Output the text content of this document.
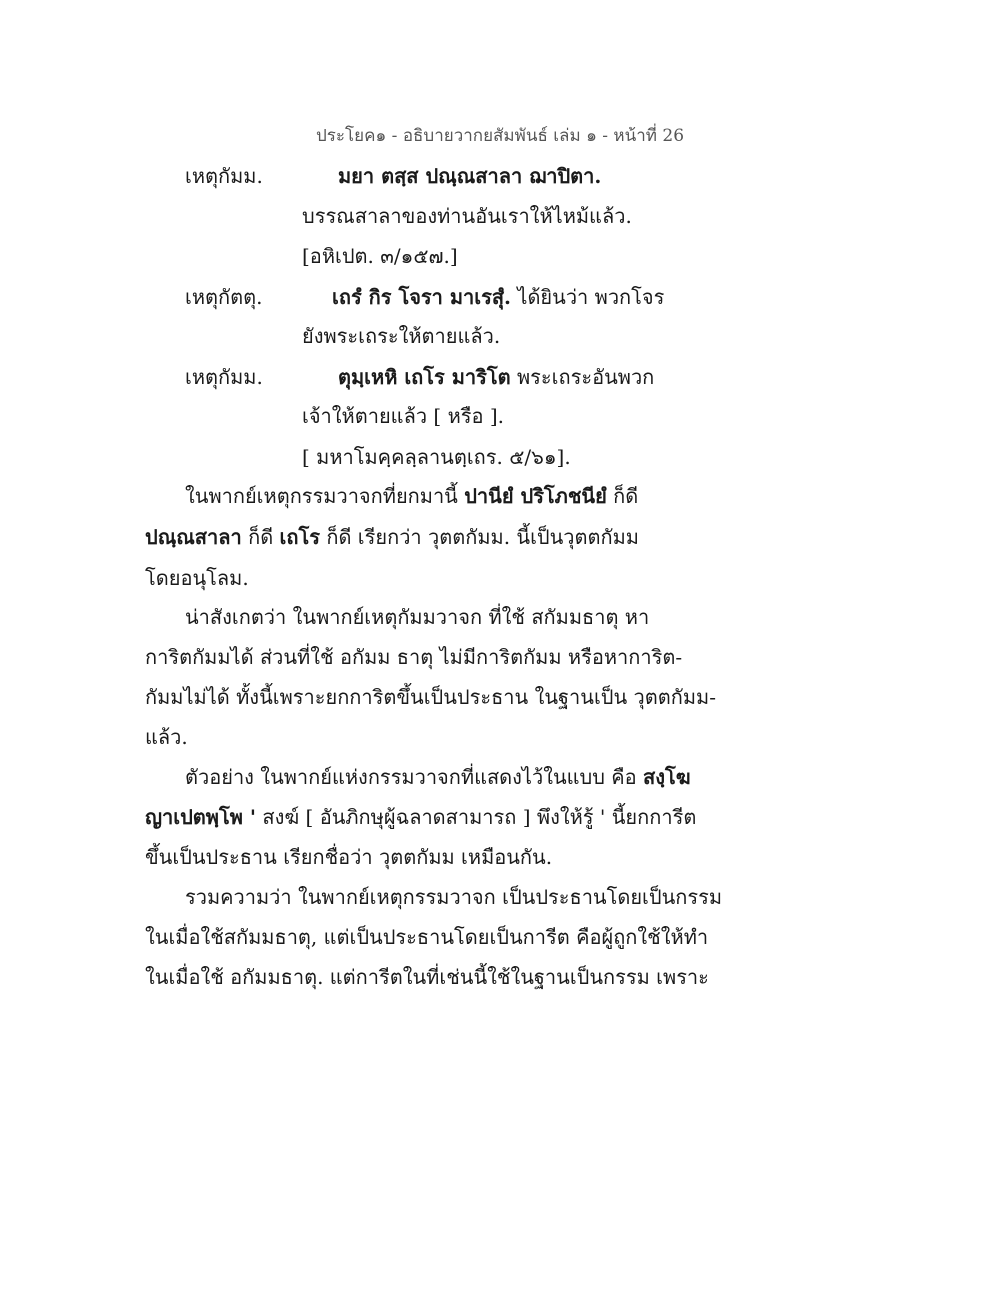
ประโยค๑ - อธิบายวากยสัมพันธ์ เล่ม ๑ - หน้าที่ 26
เหตุกัมม.	มยา ตสฺส ปณฺณสาลา ฌาปิตา.
บรรณสาลาของท่านอันเราให้ไหม้แล้ว.
[อหิเปต. ๓/๑๕๗.]
เหตุกัตตุ.	เถรํ กิร โจรา มาเรสุํ. ได้ยินว่า พวกโจร
ยังพระเถระให้ตายแล้ว.
เหตุกัมม.	ตุมฺเหหิ เถโร มาริโต พระเถระอันพวก
เจ้าให้ตายแล้ว [ หรือ ].
[ มหาโมคฺคลฺลานตฺเถร. ๕/๖๑].
ในพากย์เหตุกรรมวาจกที่ยกมานี้ ปานียํ ปริโภชนียํ ก็ดี
ปณฺณสาลา ก็ดี เถโร ก็ดี เรียกว่า วุตตกัมม. นี้เป็นวุตตกัมม
โดยอนุโลม.
น่าสังเกตว่า ในพากย์เหตุกัมมวาจก ที่ใช้ สกัมมธาตุ หา
การิตกัมมได้ ส่วนที่ใช้ อกัมม ธาตุ ไม่มีการิตกัมม หรือหาการิต-
กัมมไม่ได้ ทั้งนี้เพราะยกการิตขึ้นเป็นประธาน ในฐานเป็น วุตตกัมม-
แล้ว.
ตัวอย่าง ในพากย์แห่งกรรมวาจกที่แสดงไว้ในแบบ คือ สงฺโฆ
ญาเปตพฺโพ ' สงฆ์ [ อันภิกษุผู้ฉลาดสามารถ ] พึงให้รู้ ' นี้ยกการีต
ขึ้นเป็นประธาน เรียกชื่อว่า วุตตกัมม เหมือนกัน.
รวมความว่า ในพากย์เหตุกรรมวาจก เป็นประธานโดยเป็นกรรม
ในเมื่อใช้สกัมมธาตุ, แต่เป็นประธานโดยเป็นการีต คือผู้ถูกใช้ให้ทำ
ในเมื่อใช้ อกัมมธาตุ. แต่การีตในที่เช่นนี้ใช้ในฐานเป็นกรรม เพราะ
